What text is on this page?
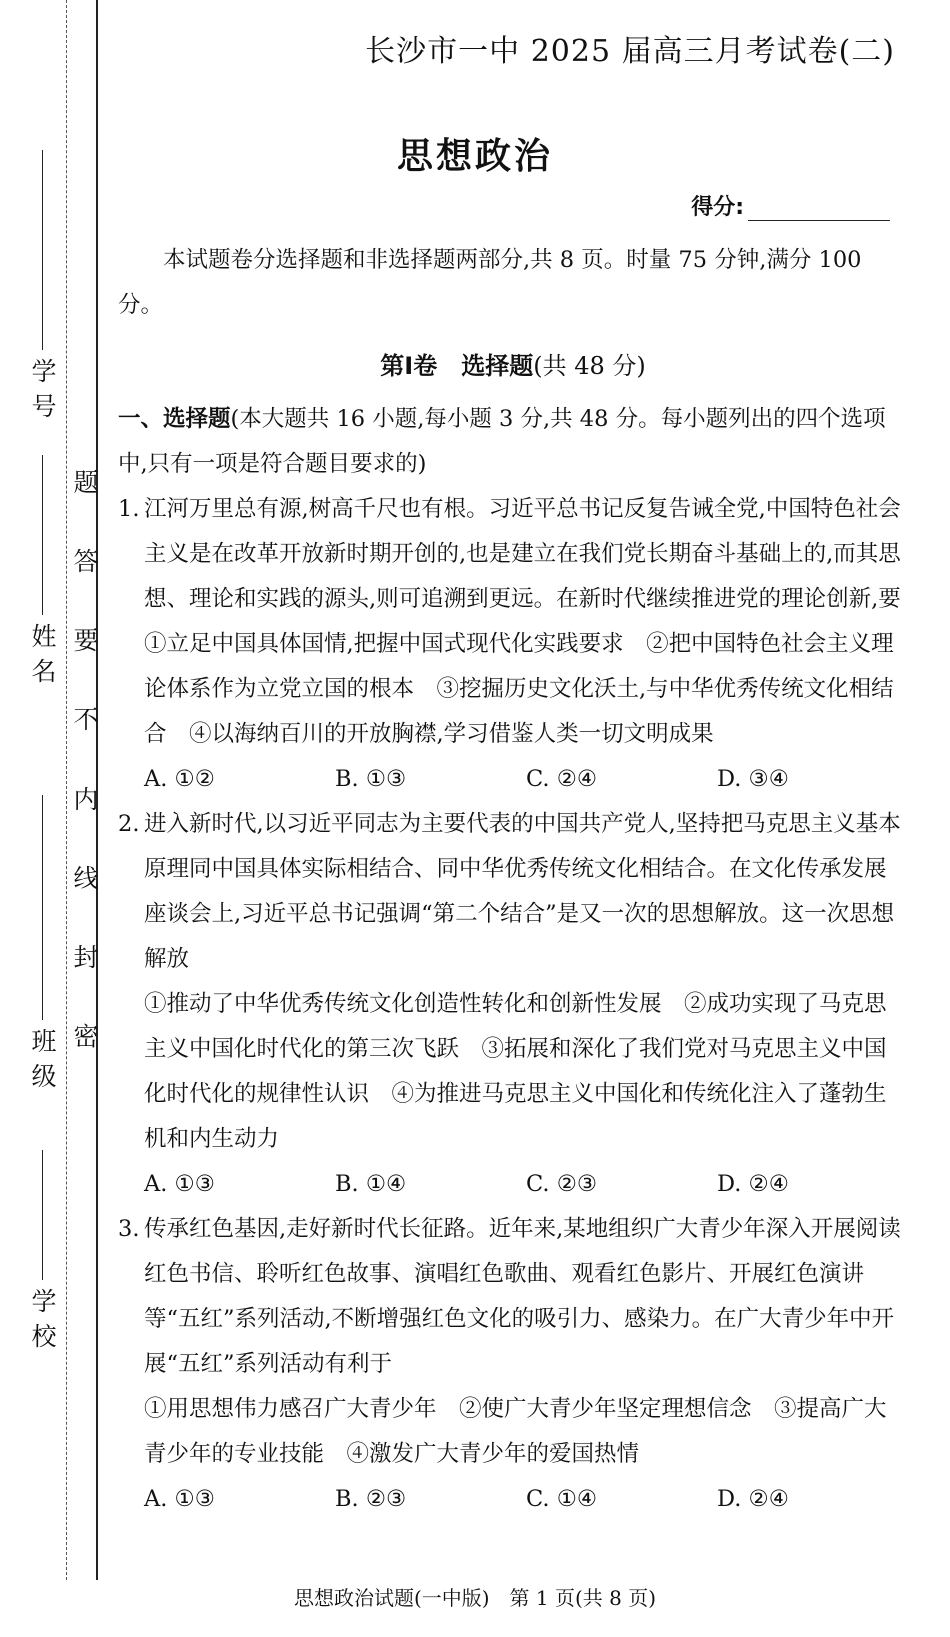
学号
姓名
班级
学校
题
答
要
不
内
线
封
密
长沙市一中 2025 届高三月考试卷(二)
思想政治
得分:

本试题卷分选择题和非选择题两部分,共 8 页。时量 75 分钟,满分 100 分。

第Ⅰ卷　选择题(共 48 分)

一、选择题(本大题共 16 小题,每小题 3 分,共 48 分。每小题列出的四个选项中,只有一项是符合题目要求的)

1. 江河万里总有源,树高千尺也有根。习近平总书记反复告诫全党,中国特色社会主义是在改革开放新时期开创的,也是建立在我们党长期奋斗基础上的,而其思想、理论和实践的源头,则可追溯到更远。在新时代继续推进党的理论创新,要
①立足中国具体国情,把握中国式现代化实践要求　②把中国特色社会主义理论体系作为立党立国的根本　③挖掘历史文化沃土,与中华优秀传统文化相结合　④以海纳百川的开放胸襟,学习借鉴人类一切文明成果
A. ①②	B. ①③	C. ②④	D. ③④
2. 进入新时代,以习近平同志为主要代表的中国共产党人,坚持把马克思主义基本原理同中国具体实际相结合、同中华优秀传统文化相结合。在文化传承发展座谈会上,习近平总书记强调“第二个结合”是又一次的思想解放。这一次思想解放
①推动了中华优秀传统文化创造性转化和创新性发展　②成功实现了马克思主义中国化时代化的第三次飞跃　③拓展和深化了我们党对马克思主义中国化时代化的规律性认识　④为推进马克思主义中国化和传统化注入了蓬勃生机和内生动力
A. ①③	B. ①④	C. ②③	D. ②④
3. 传承红色基因,走好新时代长征路。近年来,某地组织广大青少年深入开展阅读红色书信、聆听红色故事、演唱红色歌曲、观看红色影片、开展红色演讲等“五红”系列活动,不断增强红色文化的吸引力、感染力。在广大青少年中开展“五红”系列活动有利于
①用思想伟力感召广大青少年　②使广大青少年坚定理想信念　③提高广大青少年的专业技能　④激发广大青少年的爱国热情
A. ①③	B. ②③	C. ①④	D. ②④
思想政治试题(一中版)　第 1 页(共 8 页)
